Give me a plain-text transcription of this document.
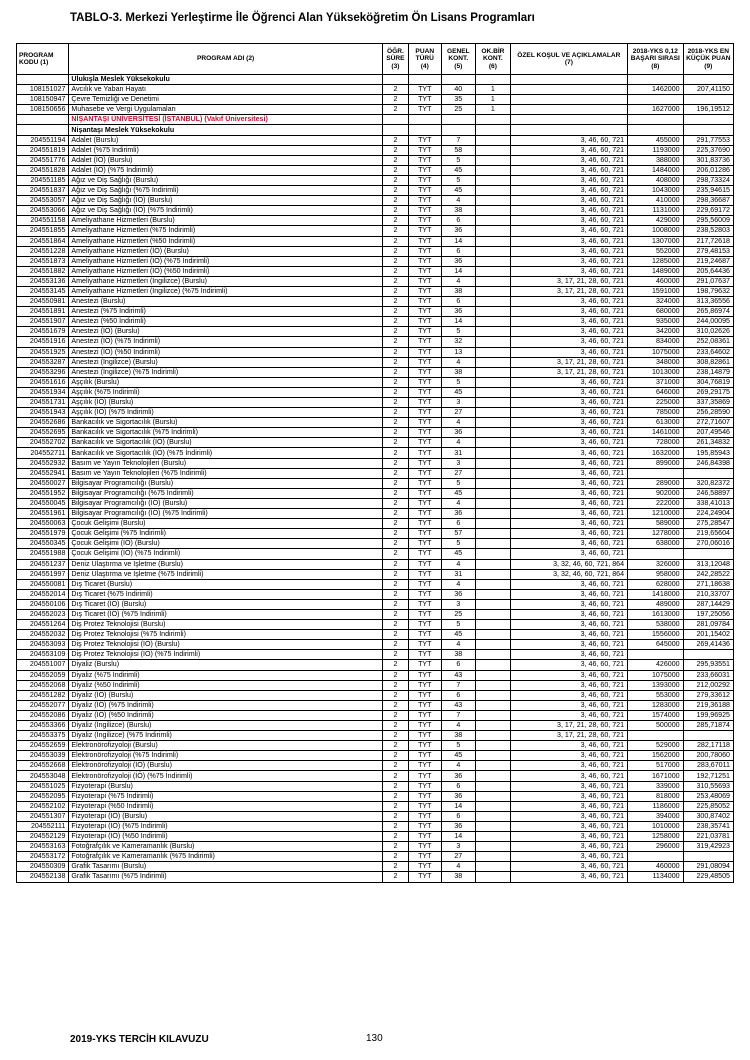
TABLO-3. Merkezi Yerleştirme İle Öğrenci Alan Yükseköğretim Ön Lisans Programları
PROGRAM KODU (1)	PROGRAM ADI (2)	ÖĞR. SÜRE (3)	PUAN TÜRÜ (4)	GENEL KONT. (5)	OK.BİR KONT. (6)	ÖZEL KOŞUL VE AÇIKLAMALAR (7)	2018-YKS 0,12 BAŞARI SIRASI (8)	2018-YKS EN KÜÇÜK PUAN (9)
	Ulukışla Meslek Yüksekokulu							
108151027	Avcılık ve Yaban Hayatı	2	TYT	40	1		1462000	207,41150
108150947	Çevre Temizliği ve Denetimi	2	TYT	35	1			
108150656	Muhasebe ve Vergi Uygulamaları	2	TYT	25	1		1627000	196,19512
	NİŞANTAŞI ÜNİVERSİTESİ (İSTANBUL) (Vakıf Üniversitesi)							
	Nişantaşı Meslek Yüksekokulu							
204551194	Adalet (Burslu)	2	TYT	7		3, 46, 60, 721	455000	291,77553
204551819	Adalet (%75 İndirimli)	2	TYT	58		3, 46, 60, 721	1193000	225,37690
204551776	Adalet (İÖ) (Burslu)	2	TYT	5		3, 46, 60, 721	388000	301,83736
204551828	Adalet (İÖ) (%75 İndirimli)	2	TYT	45		3, 46, 60, 721	1484000	206,01286
204551185	Ağız ve Diş Sağlığı (Burslu)	2	TYT	5		3, 46, 60, 721	408000	298,73324
204551837	Ağız ve Diş Sağlığı (%75 İndirimli)	2	TYT	45		3, 46, 60, 721	1043000	235,94615
204553057	Ağız ve Diş Sağlığı (İÖ) (Burslu)	2	TYT	4		3, 46, 60, 721	410000	298,36687
204553066	Ağız ve Diş Sağlığı (İÖ) (%75 İndirimli)	2	TYT	38		3, 46, 60, 721	1131000	229,69172
204551158	Ameliyathane Hizmetleri (Burslu)	2	TYT	6		3, 46, 60, 721	429000	295,56009
204551855	Ameliyathane Hizmetleri (%75 İndirimli)	2	TYT	36		3, 46, 60, 721	1008000	238,52803
204551864	Ameliyathane Hizmetleri (%50 İndirimli)	2	TYT	14		3, 46, 60, 721	1307000	217,72618
204551228	Ameliyathane Hizmetleri (İÖ) (Burslu)	2	TYT	6		3, 46, 60, 721	552000	279,48153
204551873	Ameliyathane Hizmetleri (İÖ) (%75 İndirimli)	2	TYT	36		3, 46, 60, 721	1285000	219,24687
204551882	Ameliyathane Hizmetleri (İÖ) (%50 İndirimli)	2	TYT	14		3, 46, 60, 721	1489000	205,64436
204553136	Ameliyathane Hizmetleri (İngilizce) (Burslu)	2	TYT	4		3, 17, 21, 28, 60, 721	460000	291,07637
204553145	Ameliyathane Hizmetleri (İngilizce) (%75 İndirimli)	2	TYT	38		3, 17, 21, 28, 60, 721	1591000	198,79632
204550981	Anestezi (Burslu)	2	TYT	6		3, 46, 60, 721	324000	313,36556
204551891	Anestezi (%75 İndirimli)	2	TYT	36		3, 46, 60, 721	680000	265,86974
204551907	Anestezi (%50 İndirimli)	2	TYT	14		3, 46, 60, 721	935000	244,00095
204551679	Anestezi (İÖ) (Burslu)	2	TYT	5		3, 46, 60, 721	342000	310,02626
204551916	Anestezi (İÖ) (%75 İndirimli)	2	TYT	32		3, 46, 60, 721	834000	252,08361
204551925	Anestezi (İÖ) (%50 İndirimli)	2	TYT	13		3, 46, 60, 721	1075000	233,64602
204553287	Anestezi (İngilizce) (Burslu)	2	TYT	4		3, 17, 21, 28, 60, 721	348000	308,82861
204553296	Anestezi (İngilizce) (%75 İndirimli)	2	TYT	38		3, 17, 21, 28, 60, 721	1013000	238,14879
204551616	Aşçılık (Burslu)	2	TYT	5		3, 46, 60, 721	371000	304,76819
204551934	Aşçılık (%75 İndirimli)	2	TYT	45		3, 46, 60, 721	646000	269,29175
204551731	Aşçılık (İÖ) (Burslu)	2	TYT	3		3, 46, 60, 721	225000	337,35869
204551943	Aşçılık (İÖ) (%75 İndirimli)	2	TYT	27		3, 46, 60, 721	785000	256,28590
204552686	Bankacılık ve Sigortacılık (Burslu)	2	TYT	4		3, 46, 60, 721	613000	272,71607
204552695	Bankacılık ve Sigortacılık (%75 İndirimli)	2	TYT	36		3, 46, 60, 721	1461000	207,49546
204552702	Bankacılık ve Sigortacılık (İÖ) (Burslu)	2	TYT	4		3, 46, 60, 721	728000	261,34832
204552711	Bankacılık ve Sigortacılık (İÖ) (%75 İndirimli)	2	TYT	31		3, 46, 60, 721	1632000	195,85943
204552932	Basım ve Yayın Teknolojileri (Burslu)	2	TYT	3		3, 46, 60, 721	899000	246,84398
204552941	Basım ve Yayın Teknolojileri (%75 İndirimli)	2	TYT	27		3, 46, 60, 721		
204550027	Bilgisayar Programcılığı (Burslu)	2	TYT	5		3, 46, 60, 721	289000	320,82372
204551952	Bilgisayar Programcılığı (%75 İndirimli)	2	TYT	45		3, 46, 60, 721	902000	246,58897
204550045	Bilgisayar Programcılığı (İÖ) (Burslu)	2	TYT	4		3, 46, 60, 721	222000	338,41013
204551961	Bilgisayar Programcılığı (İÖ) (%75 İndirimli)	2	TYT	36		3, 46, 60, 721	1210000	224,24904
204550063	Çocuk Gelişimi (Burslu)	2	TYT	6		3, 46, 60, 721	589000	275,28547
204551979	Çocuk Gelişimi (%75 İndirimli)	2	TYT	57		3, 46, 60, 721	1278000	219,65604
204550345	Çocuk Gelişimi (İÖ) (Burslu)	2	TYT	5		3, 46, 60, 721	638000	270,06016
204551988	Çocuk Gelişimi (İÖ) (%75 İndirimli)	2	TYT	45		3, 46, 60, 721		
204551237	Deniz Ulaştırma ve İşletme (Burslu)	2	TYT	4		3, 32, 46, 60, 721, 864	326000	313,12048
204551997	Deniz Ulaştırma ve İşletme (%75 İndirimli)	2	TYT	31		3, 32, 46, 60, 721, 864	958000	242,28522
204550081	Dış Ticaret (Burslu)	2	TYT	4		3, 46, 60, 721	628000	271,18638
204552014	Dış Ticaret (%75 İndirimli)	2	TYT	36		3, 46, 60, 721	1418000	210,33707
204550106	Dış Ticaret (İÖ) (Burslu)	2	TYT	3		3, 46, 60, 721	489000	287,14429
204552023	Dış Ticaret (İÖ) (%75 İndirimli)	2	TYT	25		3, 46, 60, 721	1613000	197,25056
204551264	Diş Protez Teknolojisi (Burslu)	2	TYT	5		3, 46, 60, 721	538000	281,09784
204552032	Diş Protez Teknolojisi (%75 İndirimli)	2	TYT	45		3, 46, 60, 721	1556000	201,15402
204553093	Diş Protez Teknolojisi (İÖ) (Burslu)	2	TYT	4		3, 46, 60, 721	645000	269,41436
204553109	Diş Protez Teknolojisi (İÖ) (%75 İndirimli)	2	TYT	38		3, 46, 60, 721		
204551007	Diyaliz (Burslu)	2	TYT	6		3, 46, 60, 721	426000	295,93551
204552059	Diyaliz (%75 İndirimli)	2	TYT	43		3, 46, 60, 721	1075000	233,66031
204552068	Diyaliz (%50 İndirimli)	2	TYT	7		3, 46, 60, 721	1393000	212,00292
204551282	Diyaliz (İÖ) (Burslu)	2	TYT	6		3, 46, 60, 721	553000	279,33612
204552077	Diyaliz (İÖ) (%75 İndirimli)	2	TYT	43		3, 46, 60, 721	1283000	219,36188
204552086	Diyaliz (İÖ) (%50 İndirimli)	2	TYT	7		3, 46, 60, 721	1574000	199,96925
204553366	Diyaliz (İngilizce) (Burslu)	2	TYT	4		3, 17, 21, 28, 60, 721	500000	285,71874
204553375	Diyaliz (İngilizce) (%75 İndirimli)	2	TYT	38		3, 17, 21, 28, 60, 721		
204552659	Elektronörofizyoloji (Burslu)	2	TYT	5		3, 46, 60, 721	529000	282,17118
204553039	Elektronörofizyoloji (%75 İndirimli)	2	TYT	45		3, 46, 60, 721	1562000	200,78060
204552668	Elektronörofizyoloji (İÖ) (Burslu)	2	TYT	4		3, 46, 60, 721	517000	283,67011
204553048	Elektronörofizyoloji (İÖ) (%75 İndirimli)	2	TYT	36		3, 46, 60, 721	1671000	192,71251
204551025	Fizyoterapi (Burslu)	2	TYT	6		3, 46, 60, 721	339000	310,55693
204552095	Fizyoterapi (%75 İndirimli)	2	TYT	36		3, 46, 60, 721	818000	253,48069
204552102	Fizyoterapi (%50 İndirimli)	2	TYT	14		3, 46, 60, 721	1186000	225,85052
204551307	Fizyoterapi (İÖ) (Burslu)	2	TYT	6		3, 46, 60, 721	394000	300,87402
204552111	Fizyoterapi (İÖ) (%75 İndirimli)	2	TYT	36		3, 46, 60, 721	1010000	238,35741
204552129	Fizyoterapi (İÖ) (%50 İndirimli)	2	TYT	14		3, 46, 60, 721	1258000	221,03781
204553163	Fotoğrafçılık ve Kameramanlık (Burslu)	2	TYT	3		3, 46, 60, 721	296000	319,42923
204553172	Fotoğrafçılık ve Kameramanlık (%75 İndirimli)	2	TYT	27		3, 46, 60, 721		
204550309	Grafik Tasarımı (Burslu)	2	TYT	4		3, 46, 60, 721	460000	291,08094
204552138	Grafik Tasarımı (%75 İndirimli)	2	TYT	38		3, 46, 60, 721	1134000	229,48505
2019-YKS TERCİH KILAVUZU	130
